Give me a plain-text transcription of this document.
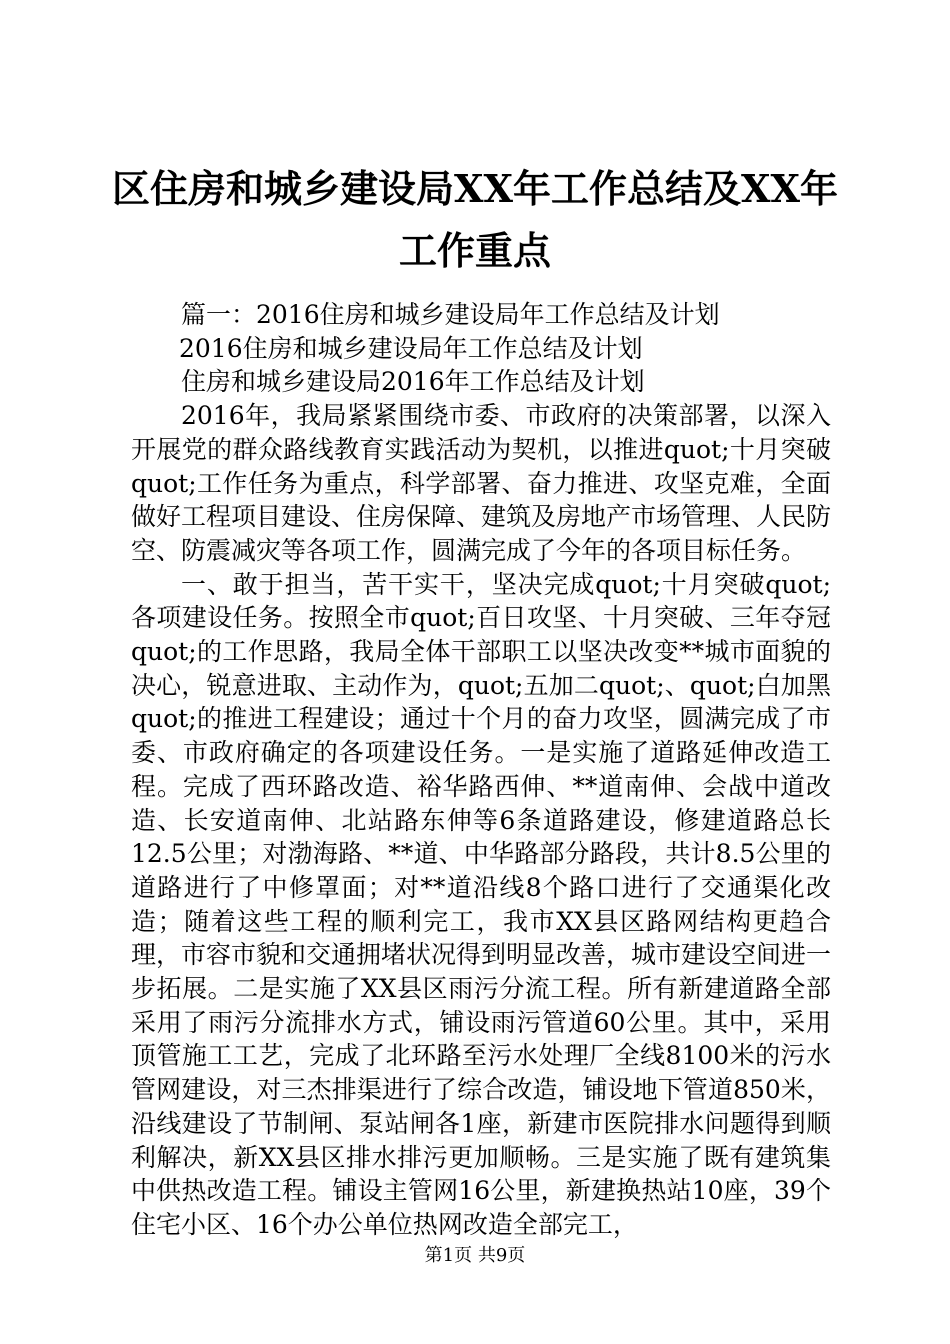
区住房和城乡建设局XX年工作总结及XX年工作重点

篇一：2016住房和城乡建设局年工作总结及计划

2016住房和城乡建设局年工作总结及计划

住房和城乡建设局2016年工作总结及计划

2016年，我局紧紧围绕市委、市政府的决策部署，以深入开展党的群众路线教育实践活动为契机，以推进quot;十月突破quot;工作任务为重点，科学部署、奋力推进、攻坚克难，全面做好工程项目建设、住房保障、建筑及房地产市场管理、人民防空、防震减灾等各项工作，圆满完成了今年的各项目标任务。

一、敢于担当，苦干实干，坚决完成quot;十月突破quot;各项建设任务。按照全市quot;百日攻坚、十月突破、三年夺冠quot;的工作思路，我局全体干部职工以坚决改变**城市面貌的决心，锐意进取、主动作为，quot;五加二quot;、quot;白加黑quot;的推进工程建设；通过十个月的奋力攻坚，圆满完成了市委、市政府确定的各项建设任务。一是实施了道路延伸改造工程。完成了西环路改造、裕华路西伸、**道南伸、会战中道改造、长安道南伸、北站路东伸等6条道路建设，修建道路总长12.5公里；对渤海路、**道、中华路部分路段，共计8.5公里的道路进行了中修罩面；对**道沿线8个路口进行了交通渠化改造；随着这些工程的顺利完工，我市XX县区路网结构更趋合理，市容市貌和交通拥堵状况得到明显改善，城市建设空间进一步拓展。二是实施了XX县区雨污分流工程。所有新建道路全部采用了雨污分流排水方式，铺设雨污管道60公里。其中，采用顶管施工工艺，完成了北环路至污水处理厂全线8100米的污水管网建设，对三杰排渠进行了综合改造，铺设地下管道850米，沿线建设了节制闸、泵站闸各1座，新建市医院排水问题得到顺利解决，新XX县区排水排污更加顺畅。三是实施了既有建筑集中供热改造工程。铺设主管网16公里，新建换热站10座，39个住宅小区、16个办公单位热网改造全部完工，

第1页 共9页
